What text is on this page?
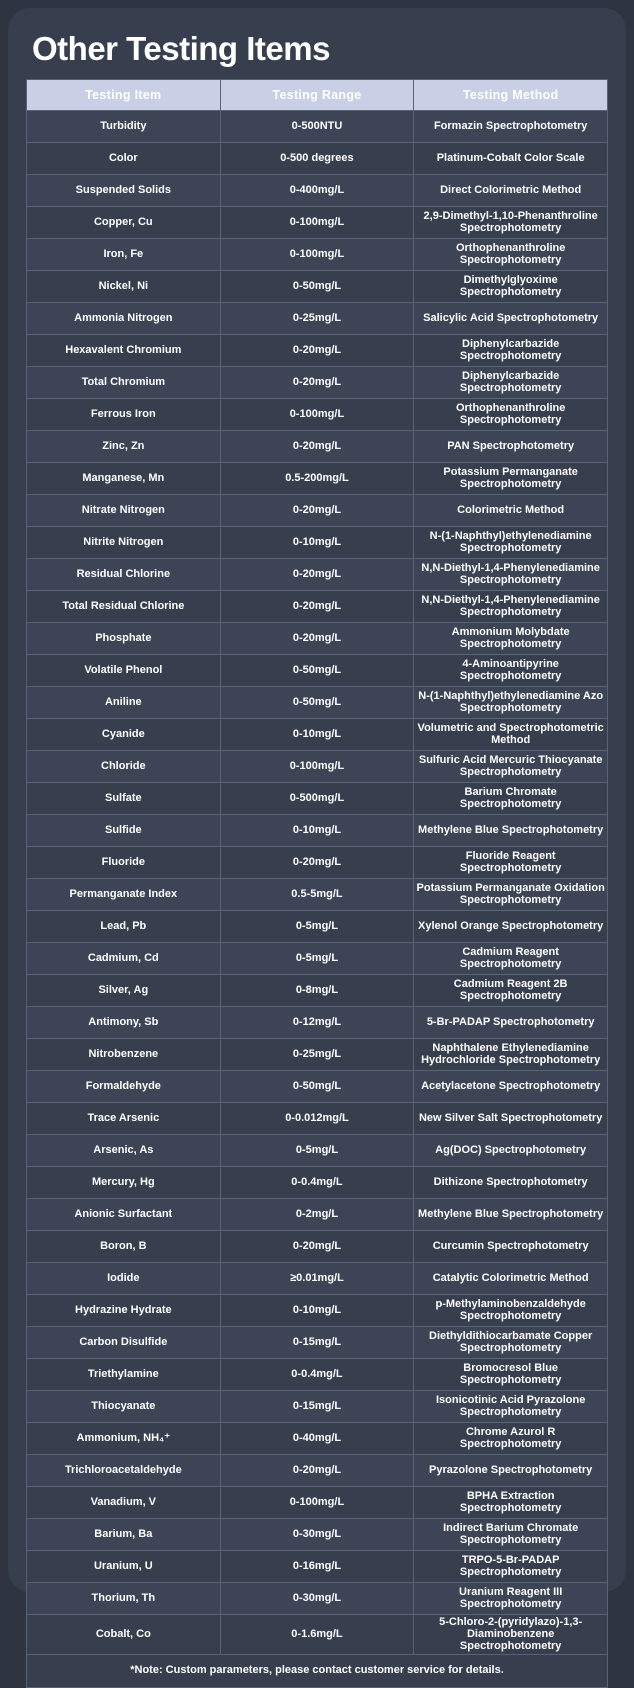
Other Testing Items
Testing Item	Testing Range	Testing Method
Turbidity	0-500NTU	Formazin Spectrophotometry
Color	0-500 degrees	Platinum-Cobalt Color Scale
Suspended Solids	0-400mg/L	Direct Colorimetric Method
Copper, Cu	0-100mg/L	2,9-Dimethyl-1,10-Phenanthroline Spectrophotometry
Iron, Fe	0-100mg/L	Orthophenanthroline Spectrophotometry
Nickel, Ni	0-50mg/L	Dimethylglyoxime Spectrophotometry
Ammonia Nitrogen	0-25mg/L	Salicylic Acid Spectrophotometry
Hexavalent Chromium	0-20mg/L	Diphenylcarbazide Spectrophotometry
Total Chromium	0-20mg/L	Diphenylcarbazide Spectrophotometry
Ferrous Iron	0-100mg/L	Orthophenanthroline Spectrophotometry
Zinc, Zn	0-20mg/L	PAN Spectrophotometry
Manganese, Mn	0.5-200mg/L	Potassium Permanganate Spectrophotometry
Nitrate Nitrogen	0-20mg/L	Colorimetric Method
Nitrite Nitrogen	0-10mg/L	N-(1-Naphthyl)ethylenediamine Spectrophotometry
Residual Chlorine	0-20mg/L	N,N-Diethyl-1,4-Phenylenediamine Spectrophotometry
Total Residual Chlorine	0-20mg/L	N,N-Diethyl-1,4-Phenylenediamine Spectrophotometry
Phosphate	0-20mg/L	Ammonium Molybdate Spectrophotometry
Volatile Phenol	0-50mg/L	4-Aminoantipyrine Spectrophotometry
Aniline	0-50mg/L	N-(1-Naphthyl)ethylenediamine Azo Spectrophotometry
Cyanide	0-10mg/L	Volumetric and Spectrophotometric Method
Chloride	0-100mg/L	Sulfuric Acid Mercuric Thiocyanate Spectrophotometry
Sulfate	0-500mg/L	Barium Chromate Spectrophotometry
Sulfide	0-10mg/L	Methylene Blue Spectrophotometry
Fluoride	0-20mg/L	Fluoride Reagent Spectrophotometry
Permanganate Index	0.5-5mg/L	Potassium Permanganate Oxidation Spectrophotometry
Lead, Pb	0-5mg/L	Xylenol Orange Spectrophotometry
Cadmium, Cd	0-5mg/L	Cadmium Reagent Spectrophotometry
Silver, Ag	0-8mg/L	Cadmium Reagent 2B Spectrophotometry
Antimony, Sb	0-12mg/L	5-Br-PADAP Spectrophotometry
Nitrobenzene	0-25mg/L	Naphthalene Ethylenediamine Hydrochloride Spectrophotometry
Formaldehyde	0-50mg/L	Acetylacetone Spectrophotometry
Trace Arsenic	0-0.012mg/L	New Silver Salt Spectrophotometry
Arsenic, As	0-5mg/L	Ag(DOC) Spectrophotometry
Mercury, Hg	0-0.4mg/L	Dithizone Spectrophotometry
Anionic Surfactant	0-2mg/L	Methylene Blue Spectrophotometry
Boron, B	0-20mg/L	Curcumin Spectrophotometry
Iodide	≥0.01mg/L	Catalytic Colorimetric Method
Hydrazine Hydrate	0-10mg/L	p-Methylaminobenzaldehyde Spectrophotometry
Carbon Disulfide	0-15mg/L	Diethyldithiocarbamate Copper Spectrophotometry
Triethylamine	0-0.4mg/L	Bromocresol Blue Spectrophotometry
Thiocyanate	0-15mg/L	Isonicotinic Acid Pyrazolone Spectrophotometry
Ammonium, NH₄⁺	0-40mg/L	Chrome Azurol R Spectrophotometry
Trichloroacetaldehyde	0-20mg/L	Pyrazolone Spectrophotometry
Vanadium, V	0-100mg/L	BPHA Extraction Spectrophotometry
Barium, Ba	0-30mg/L	Indirect Barium Chromate Spectrophotometry
Uranium, U	0-16mg/L	TRPO-5-Br-PADAP Spectrophotometry
Thorium, Th	0-30mg/L	Uranium Reagent III Spectrophotometry
Cobalt, Co	0-1.6mg/L	5-Chloro-2-(pyridylazo)-1,3-Diaminobenzene Spectrophotometry
*Note: Custom parameters, please contact customer service for details.		
